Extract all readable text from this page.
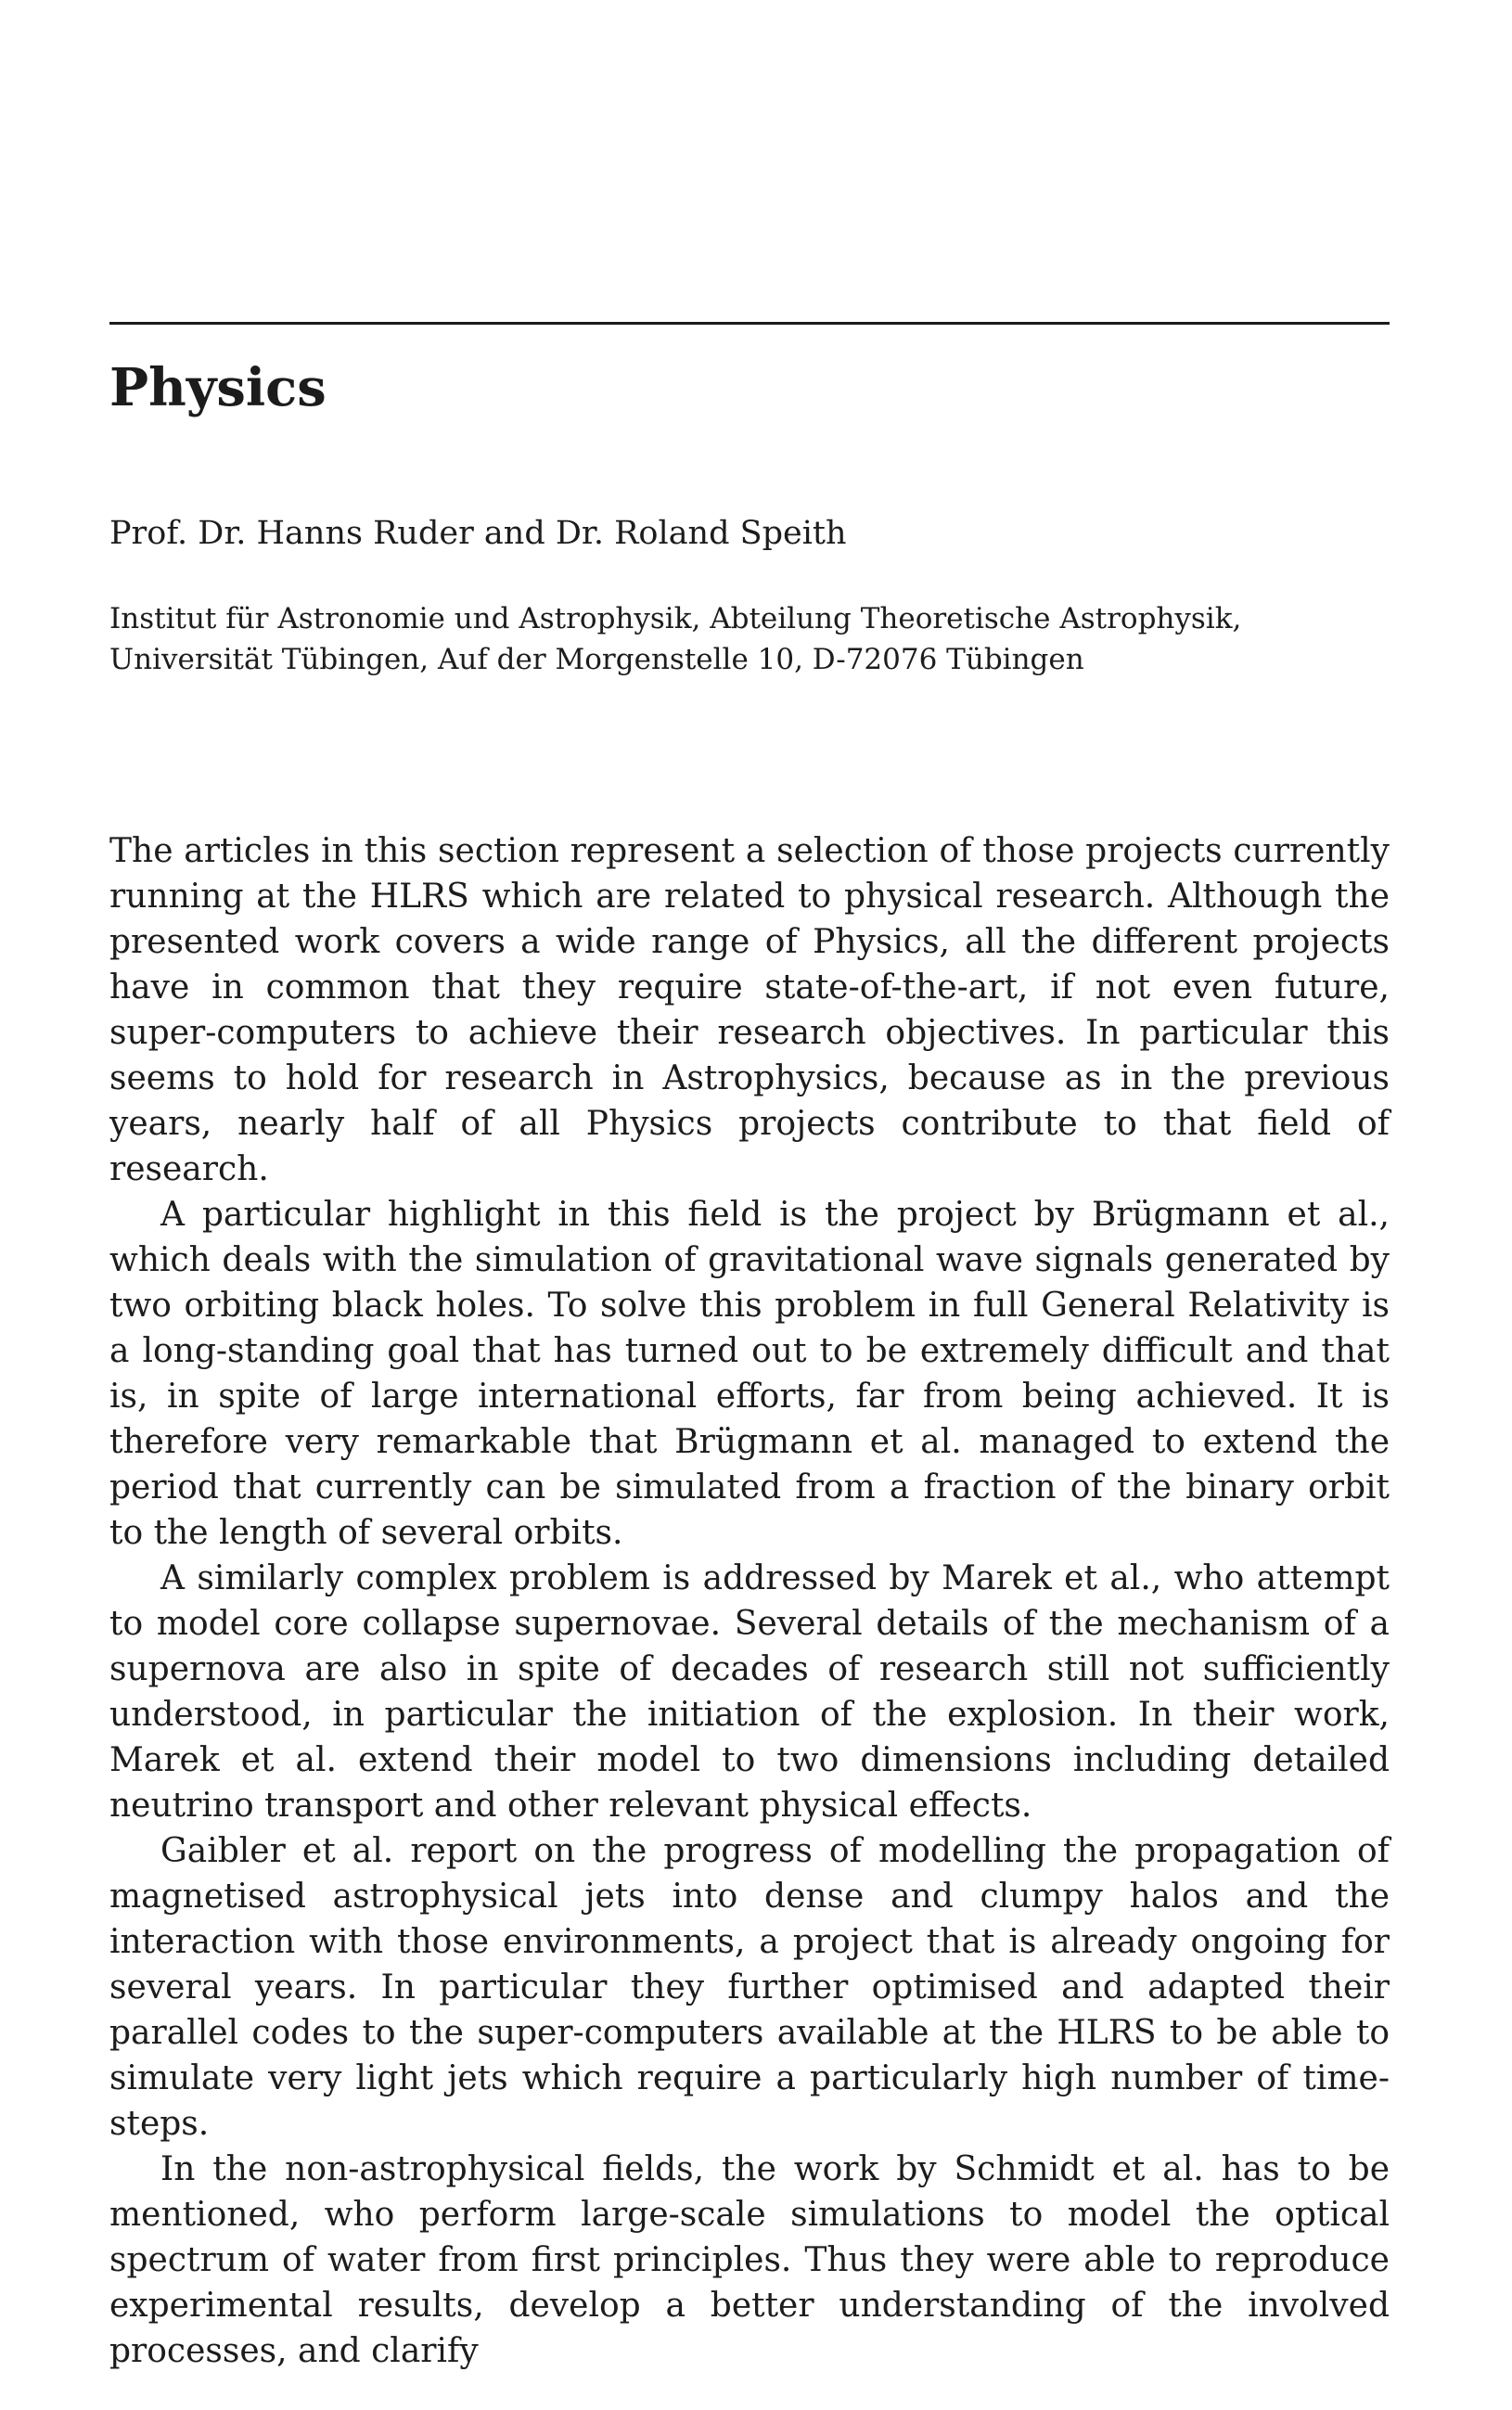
Physics

Prof. Dr. Hanns Ruder and Dr. Roland Speith

Institut für Astronomie und Astrophysik, Abteilung Theoretische Astrophysik,
Universität Tübingen, Auf der Morgenstelle 10, D-72076 Tübingen

The articles in this section represent a selection of those projects currently running at the HLRS which are related to physical research. Although the presented work covers a wide range of Physics, all the different projects have in common that they require state-of-the-art, if not even future, super-computers to achieve their research objectives. In particular this seems to hold for research in Astrophysics, because as in the previous years, nearly half of all Physics projects contribute to that field of research.

A particular highlight in this field is the project by Brügmann et al., which deals with the simulation of gravitational wave signals generated by two orbiting black holes. To solve this problem in full General Relativity is a long-standing goal that has turned out to be extremely difficult and that is, in spite of large international efforts, far from being achieved. It is therefore very remarkable that Brügmann et al. managed to extend the period that currently can be simulated from a fraction of the binary orbit to the length of several orbits.

A similarly complex problem is addressed by Marek et al., who attempt to model core collapse supernovae. Several details of the mechanism of a supernova are also in spite of decades of research still not sufficiently understood, in particular the initiation of the explosion. In their work, Marek et al. extend their model to two dimensions including detailed neutrino transport and other relevant physical effects.

Gaibler et al. report on the progress of modelling the propagation of magnetised astrophysical jets into dense and clumpy halos and the interaction with those environments, a project that is already ongoing for several years. In particular they further optimised and adapted their parallel codes to the super-computers available at the HLRS to be able to simulate very light jets which require a particularly high number of time-steps.

In the non-astrophysical fields, the work by Schmidt et al. has to be mentioned, who perform large-scale simulations to model the optical spectrum of water from first principles. Thus they were able to reproduce experimental results, develop a better understanding of the involved processes, and clarify
